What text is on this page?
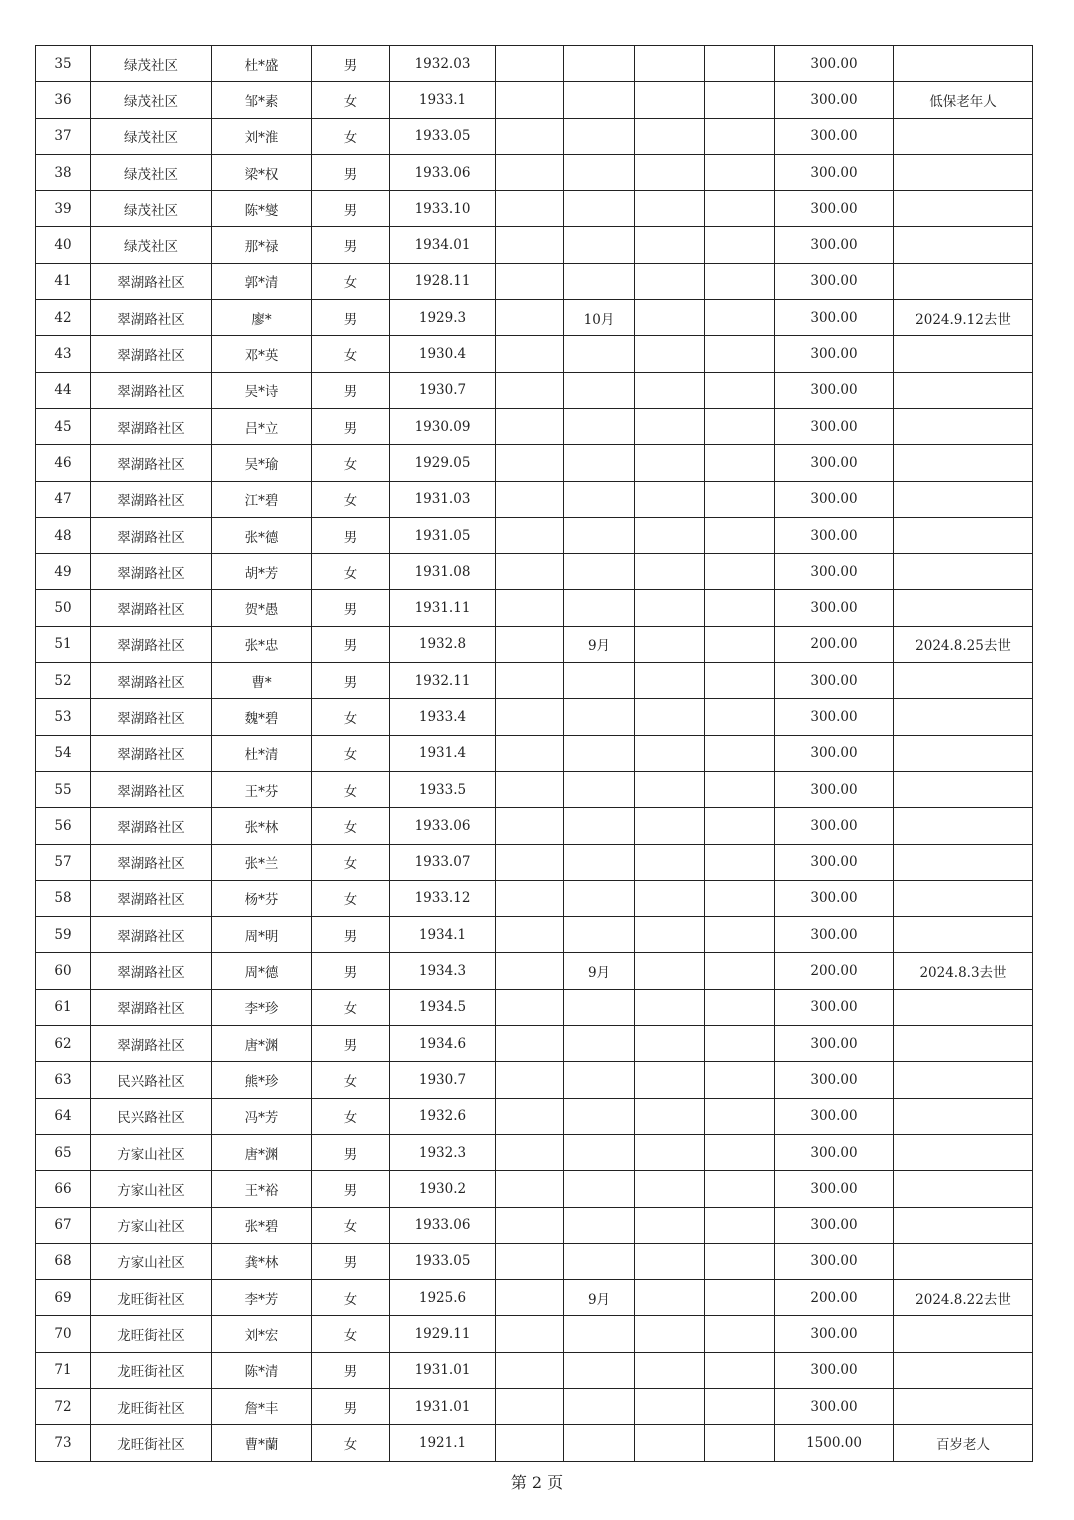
35	绿茂社区	杜*盛	男	1932.03					300.00	
36	绿茂社区	邹*素	女	1933.1					300.00	低保老年人
37	绿茂社区	刘*淮	女	1933.05					300.00	
38	绿茂社区	梁*权	男	1933.06					300.00	
39	绿茂社区	陈*燮	男	1933.10					300.00	
40	绿茂社区	那*禄	男	1934.01					300.00	
41	翠湖路社区	郭*清	女	1928.11					300.00	
42	翠湖路社区	廖*	男	1929.3		10月			300.00	2024.9.12去世
43	翠湖路社区	邓*英	女	1930.4					300.00	
44	翠湖路社区	吴*诗	男	1930.7					300.00	
45	翠湖路社区	吕*立	男	1930.09					300.00	
46	翠湖路社区	吴*瑜	女	1929.05					300.00	
47	翠湖路社区	江*碧	女	1931.03					300.00	
48	翠湖路社区	张*德	男	1931.05					300.00	
49	翠湖路社区	胡*芳	女	1931.08					300.00	
50	翠湖路社区	贺*愚	男	1931.11					300.00	
51	翠湖路社区	张*忠	男	1932.8		9月			200.00	2024.8.25去世
52	翠湖路社区	曹*	男	1932.11					300.00	
53	翠湖路社区	魏*碧	女	1933.4					300.00	
54	翠湖路社区	杜*清	女	1931.4					300.00	
55	翠湖路社区	王*芬	女	1933.5					300.00	
56	翠湖路社区	张*林	女	1933.06					300.00	
57	翠湖路社区	张*兰	女	1933.07					300.00	
58	翠湖路社区	杨*芬	女	1933.12					300.00	
59	翠湖路社区	周*明	男	1934.1					300.00	
60	翠湖路社区	周*德	男	1934.3		9月			200.00	2024.8.3去世
61	翠湖路社区	李*珍	女	1934.5					300.00	
62	翠湖路社区	唐*渊	男	1934.6					300.00	
63	民兴路社区	熊*珍	女	1930.7					300.00	
64	民兴路社区	冯*芳	女	1932.6					300.00	
65	方家山社区	唐*渊	男	1932.3					300.00	
66	方家山社区	王*裕	男	1930.2					300.00	
67	方家山社区	张*碧	女	1933.06					300.00	
68	方家山社区	龚*林	男	1933.05					300.00	
69	龙旺街社区	李*芳	女	1925.6		9月			200.00	2024.8.22去世
70	龙旺街社区	刘*宏	女	1929.11					300.00	
71	龙旺街社区	陈*清	男	1931.01					300.00	
72	龙旺街社区	詹*丰	男	1931.01					300.00	
73	龙旺街社区	曹*蘭	女	1921.1					1500.00	百岁老人
第 2 页
